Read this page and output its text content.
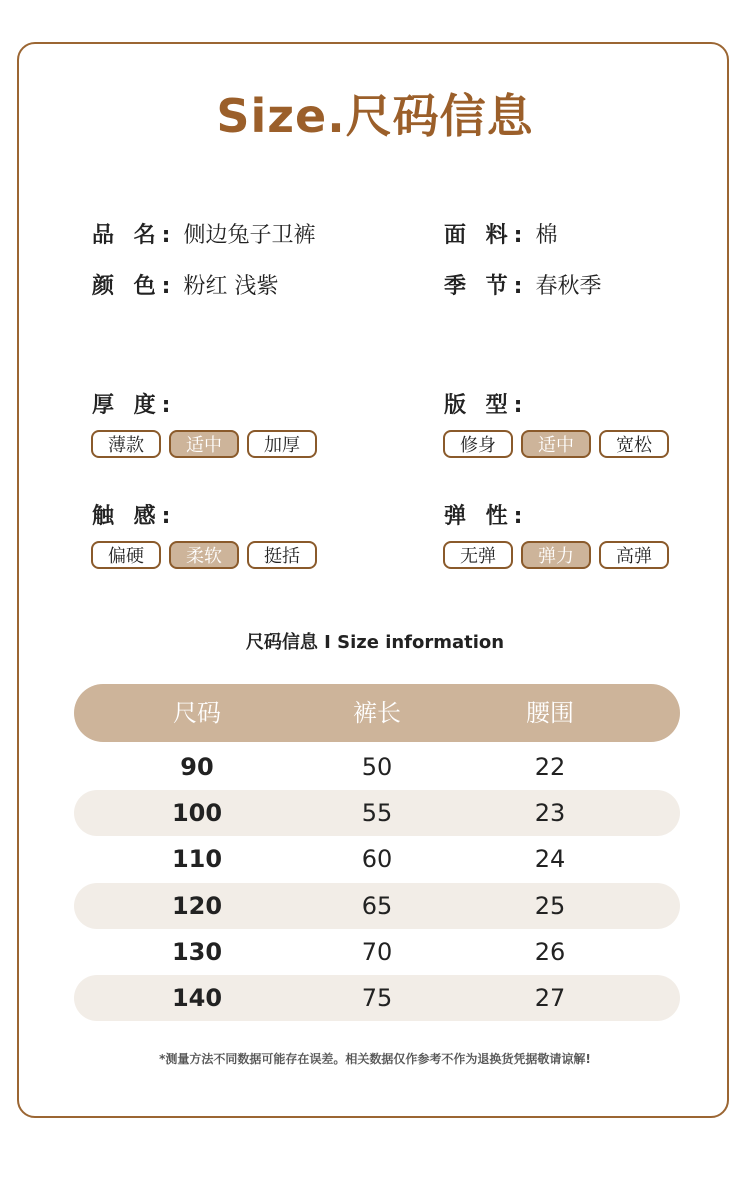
Size.尺码信息
品 名: 侧边兔子卫裤	面 料: 棉
颜 色: 粉红 浅紫	季 节: 春秋季
厚 度:
薄款	适中	加厚
版 型:
修身	适中	宽松
触 感:
偏硬	柔软	挺括
弹 性:
无弹	弹力	高弹
尺码信息 I Size information
尺码	裤长	腰围
90	50	22
100	55	23
110	60	24
120	65	25
130	70	26
140	75	27
*测量方法不同数据可能存在误差。相关数据仅作参考不作为退换货凭据敬请谅解!
